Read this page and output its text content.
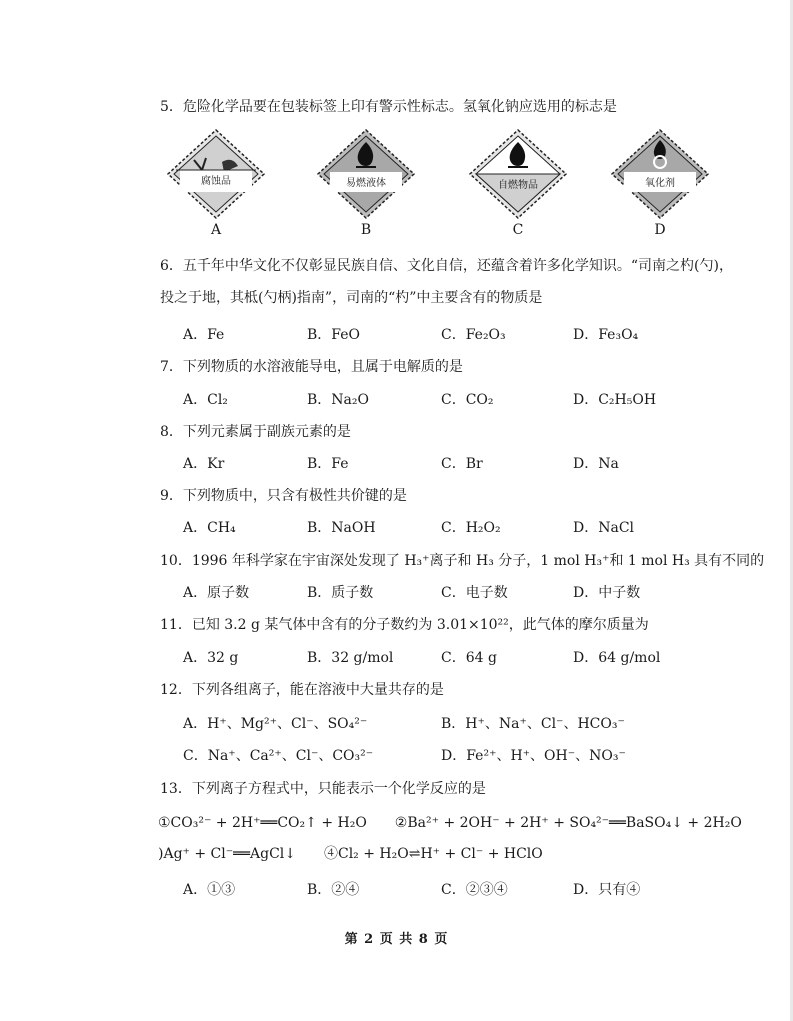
5．危险化学品要在包装标签上印有警示性标志。氢氧化钠应选用的标志是
腐蚀品
A
易燃液体
B
自燃物品
C
氧化剂
D
6．五千年中华文化不仅彰显民族自信、文化自信，还蕴含着许多化学知识。“司南之杓(勺)，
投之于地，其柢(勺柄)指南”，司南的“杓”中主要含有的物质是
A．Fe	B．FeO	C．Fe₂O₃	D．Fe₃O₄
7．下列物质的水溶液能导电，且属于电解质的是
A．Cl₂	B．Na₂O	C．CO₂	D．C₂H₅OH
8．下列元素属于副族元素的是
A．Kr	B．Fe	C．Br	D．Na
9．下列物质中，只含有极性共价键的是
A．CH₄	B．NaOH	C．H₂O₂	D．NaCl
10．1996 年科学家在宇宙深处发现了 H₃⁺离子和 H₃ 分子，1 mol H₃⁺和 1 mol H₃ 具有不同的
A．原子数	B．质子数	C．电子数	D．中子数
11．已知 3.2 g 某气体中含有的分子数约为 3.01×10²²，此气体的摩尔质量为
A．32 g	B．32 g/mol	C．64 g	D．64 g/mol
12．下列各组离子，能在溶液中大量共存的是
A．H⁺、Mg²⁺、Cl⁻、SO₄²⁻	B．H⁺、Na⁺、Cl⁻、HCO₃⁻
C．Na⁺、Ca²⁺、Cl⁻、CO₃²⁻	D．Fe²⁺、H⁺、OH⁻、NO₃⁻
13．下列离子方程式中，只能表示一个化学反应的是
①CO₃²⁻ + 2H⁺══CO₂↑ + H₂O　　②Ba²⁺ + 2OH⁻ + 2H⁺ + SO₄²⁻══BaSO₄↓ + 2H₂O
)Ag⁺ + Cl⁻══AgCl↓　　④Cl₂ + H₂O⇌H⁺ + Cl⁻ + HClO
A．①③	B．②④	C．②③④	D．只有④
第 2 页 共 8 页
